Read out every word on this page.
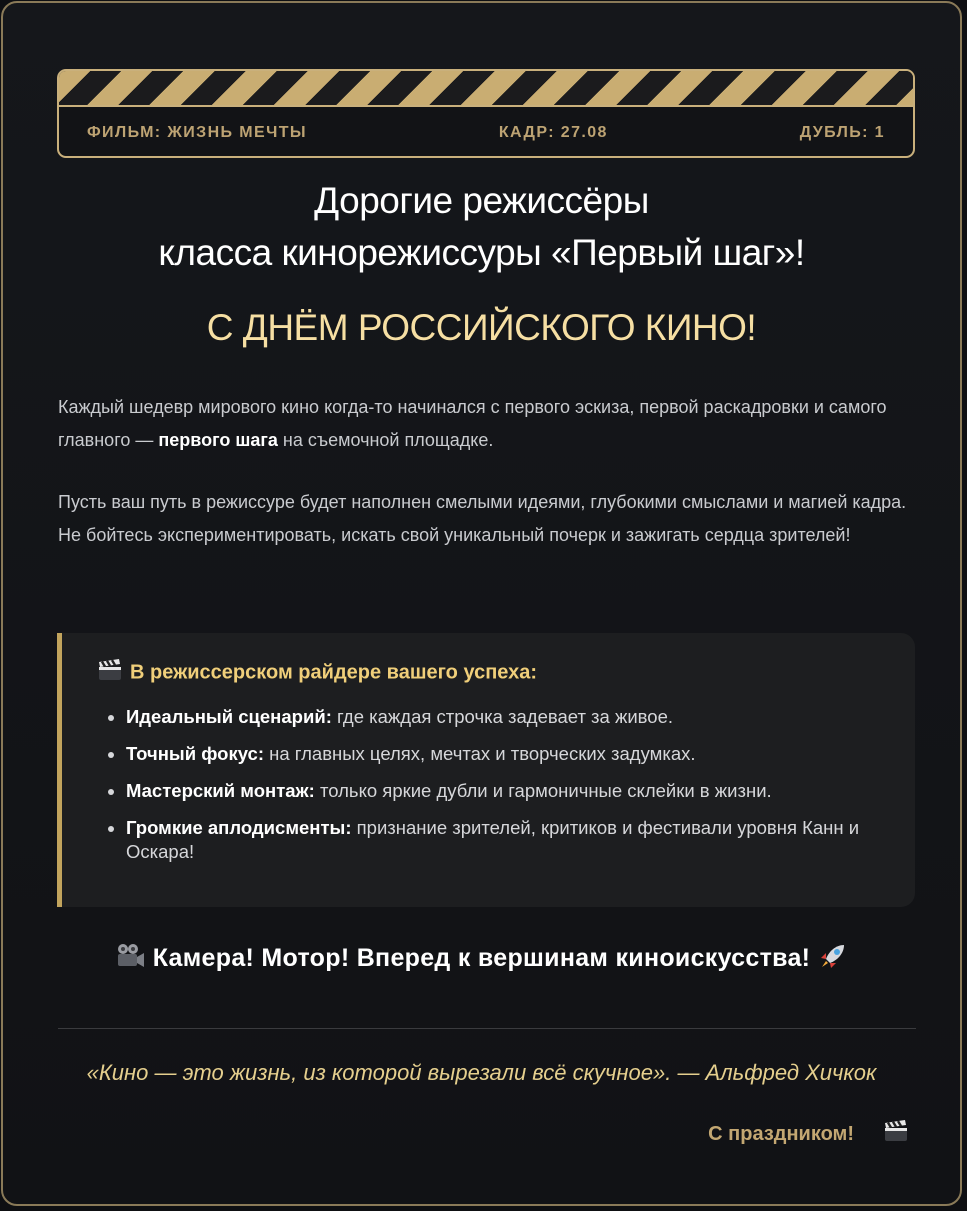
ФИЛЬМ: ЖИЗНЬ МЕЧТЫ	КАДР: 27.08	ДУБЛЬ: 1
Дорогие режиссёры
класса кинорежиссуры «Первый шаг»!
С ДНЁМ РОССИЙСКОГО КИНО!

Каждый шедевр мирового кино когда-то начинался с первого эскиза, первой раскадровки и самого главного — первого шага на съемочной площадке.

Пусть ваш путь в режиссуре будет наполнен смелыми идеями, глубокими смыслами и магией кадра. Не бойтесь экспериментировать, искать свой уникальный почерк и зажигать сердца зрителей!

В режиссерском райдере вашего успеха:
• Идеальный сценарий: где каждая строчка задевает за живое.
• Точный фокус: на главных целях, мечтах и творческих задумках.
• Мастерский монтаж: только яркие дубли и гармоничные склейки в жизни.
• Громкие аплодисменты: признание зрителей, критиков и фестивали уровня Канн и Оскара!
Камера! Мотор! Вперед к вершинам киноискусства!
«Кино — это жизнь, из которой вырезали всё скучное». — Альфред Хичкок
С праздником!
